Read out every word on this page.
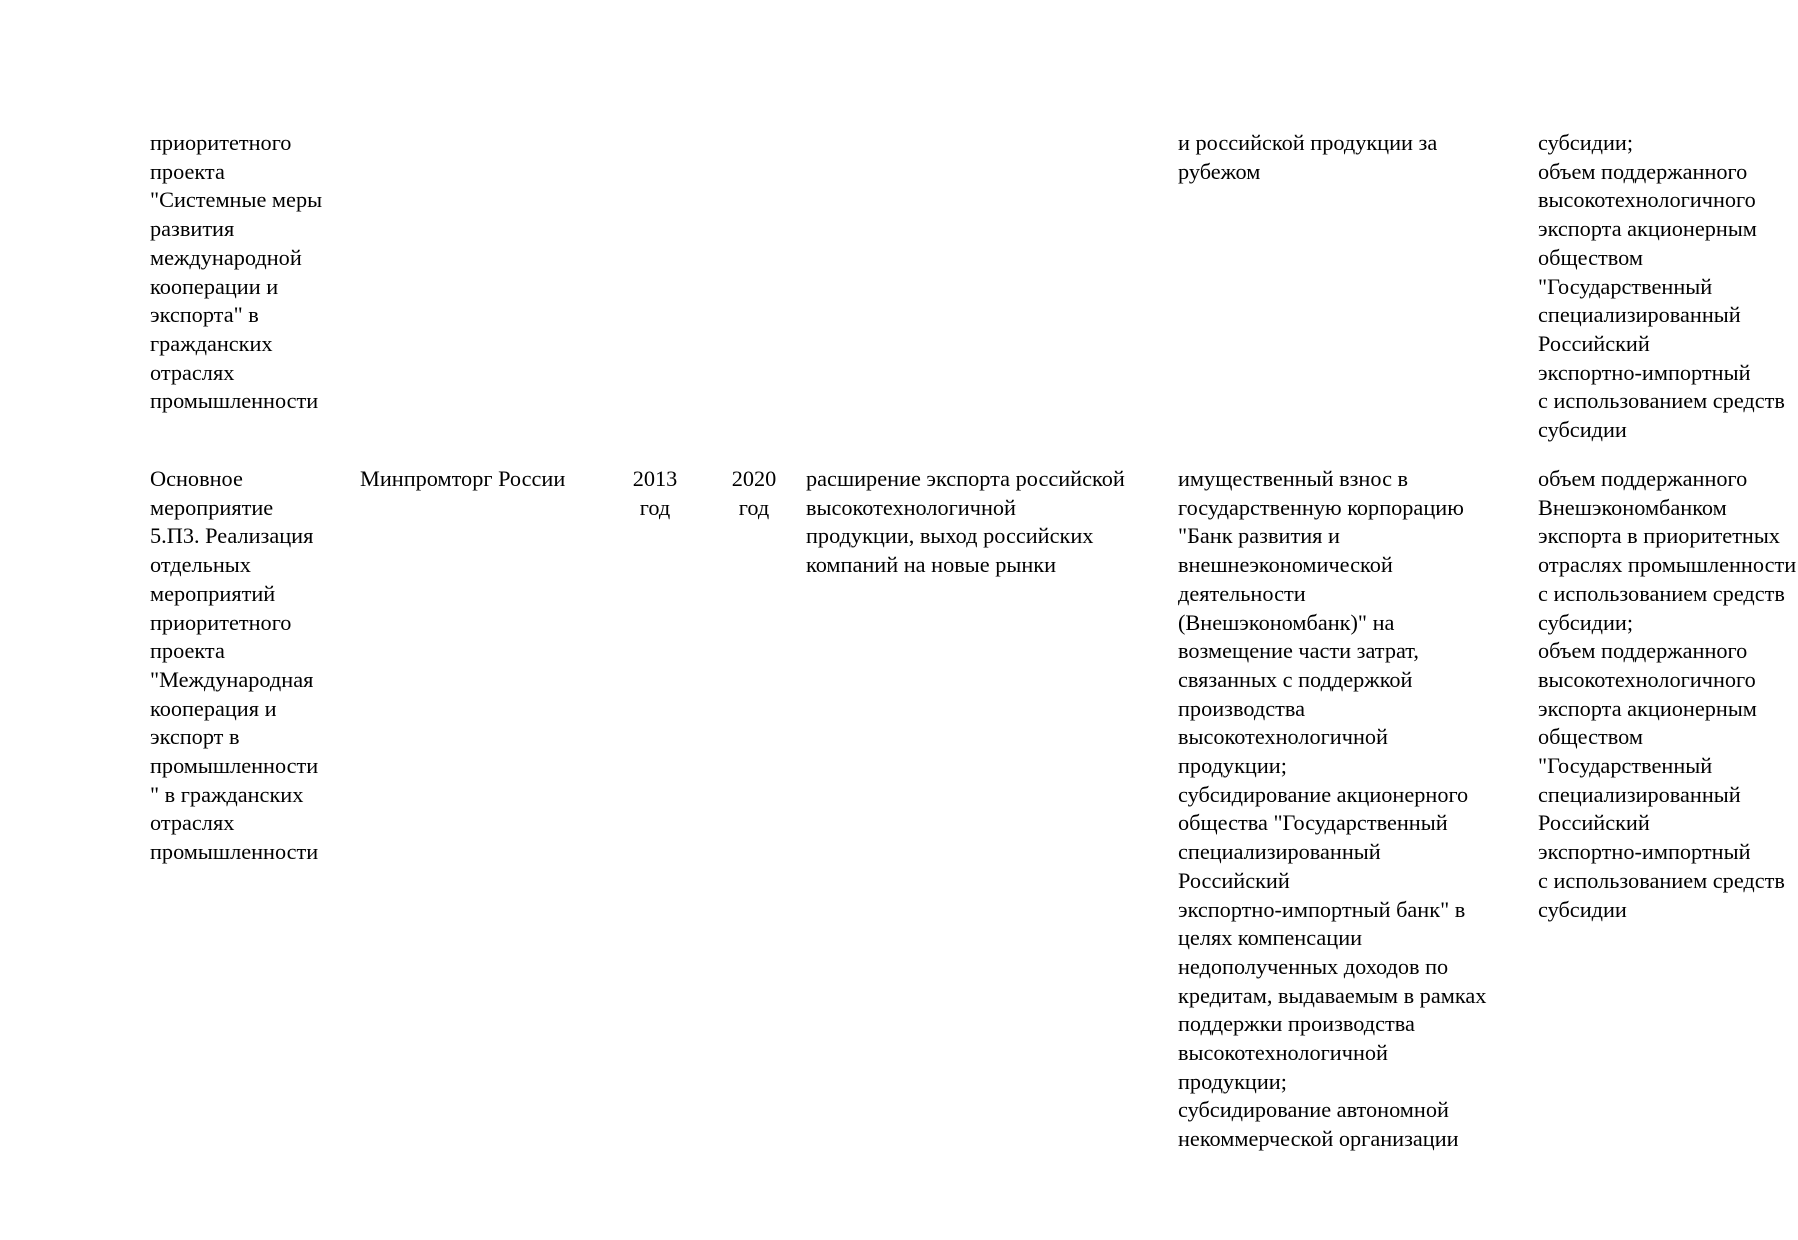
приоритетного
проекта
"Системные меры
развития
международной
кооперации и
экспорта" в
гражданских
отраслях
промышленности
и российской продукции за
рубежом
субсидии;
объем поддержанного
высокотехнологичного
экспорта акционерным
обществом
"Государственный
специализированный
Российский
экспортно-импортный
с использованием средств
субсидии
Основное
мероприятие
5.П3. Реализация
отдельных
мероприятий
приоритетного
проекта
"Международная
кооперация и
экспорт в
промышленности
" в гражданских
отраслях
промышленности
Минпромторг России	2013
год
2020
год
расширение экспорта российской
высокотехнологичной
продукции, выход российских
компаний на новые рынки
имущественный взнос в
государственную корпорацию
"Банк развития и
внешнеэкономической
деятельности
(Внешэкономбанк)" на
возмещение части затрат,
связанных с поддержкой
производства
высокотехнологичной
продукции;
субсидирование акционерного
общества "Государственный
специализированный
Российский
экспортно-импортный банк" в
целях компенсации
недополученных доходов по
кредитам, выдаваемым в рамках
поддержки производства
высокотехнологичной
продукции;
субсидирование автономной
некоммерческой организации
объем поддержанного
Внешэкономбанком
экспорта в приоритетных
отраслях промышленности
с использованием средств
субсидии;
объем поддержанного
высокотехнологичного
экспорта акционерным
обществом
"Государственный
специализированный
Российский
экспортно-импортный
с использованием средств
субсидии
